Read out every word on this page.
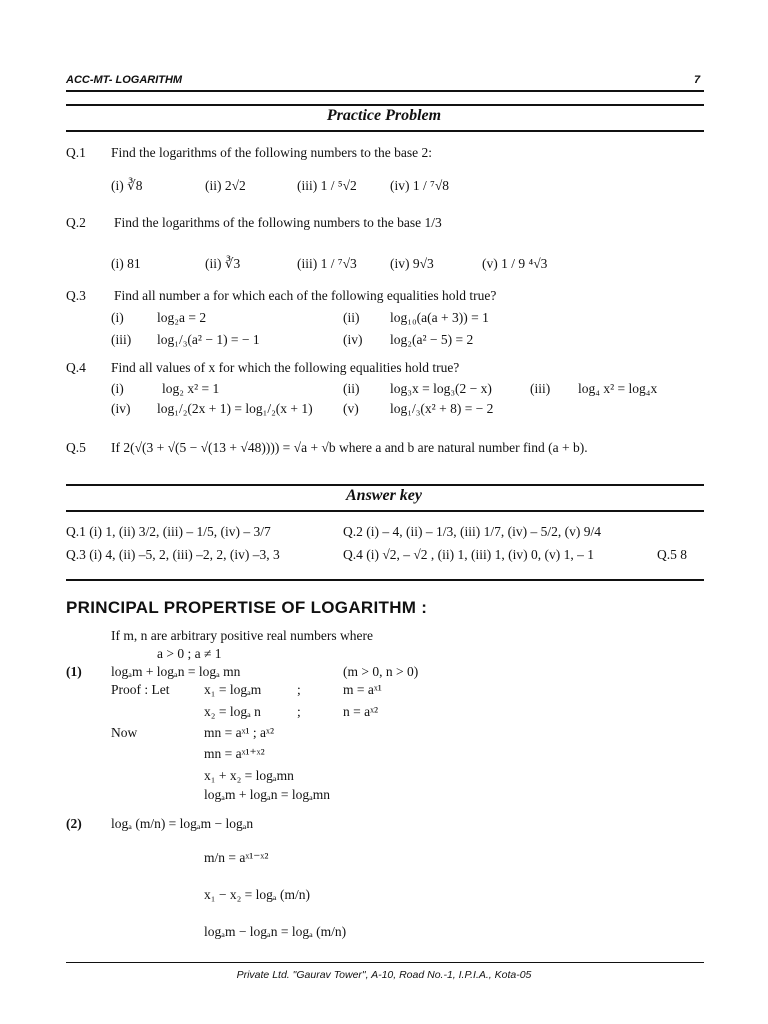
ACC-MT- LOGARITHM	7
Practice Problem
Q.1 Find the logarithms of the following numbers to the base 2:
(i) ∛8	(ii) 2√2	(iii) 1 / ⁵√2 (iv) 1 / ⁷√8
Q.2 Find the logarithms of the following numbers to the base 1/3
(i) 81	(ii) ∛3	(iii) 1 / ⁷√3 (iv) 9√3	(v) 1 / 9 ⁴√3
Q.3 Find all number a for which each of the following equalities hold true?
(i) log₂a = 2	(ii) log₁₀(a(a + 3)) = 1
(iii) log₁/₃(a² − 1) = − 1	(iv) log₂(a² − 5) = 2
Q.4 Find all values of x for which the following equalities hold true?
(i)	log₂ x² = 1	(ii) log₃x = log₃(2 − x)	(iii) log₄ x² = log₄x
(iv) log₁/₂(2x + 1) = log₁/₂(x + 1) (v) log₁/₃(x² + 8) = − 2
Q.5 If 2(√(3 + √(5 − √(13 + √48)))) = √a + √b where a and b are natural number find (a + b).
Answer key
Q.1 (i) 1, (ii) 3/2, (iii) – 1/5, (iv) – 3/7	Q.2 (i) – 4, (ii) – 1/3, (iii) 1/7, (iv) – 5/2, (v) 9/4
Q.3 (i) 4, (ii) –5, 2, (iii) –2, 2, (iv) –3, 3	Q.4 (i) √2, – √2 , (ii) 1, (iii) 1, (iv) 0, (v) 1, – 1	Q.5 8
PRINCIPAL PROPERTISE OF LOGARITHM :
If m, n are arbitrary positive real numbers where
a > 0 ; a ≠ 1
(1) logₐm + logₐn = logₐ mn	(m > 0, n > 0)
Proof : Let	x₁ = logₐm	;	m = aˣ¹
x₂ = logₐ n	;	n = aˣ²
Now	mn = aˣ¹ ; aˣ²
mn = aˣ¹⁺ˣ²
x₁ + x₂ = logₐmn
logₐm + logₐn = logₐmn
(2) logₐ (m/n) = logₐm − logₐn
m/n = aˣ¹⁻ˣ²
x₁ − x₂ = logₐ (m/n)
logₐm − logₐn = logₐ (m/n)
Private Ltd. "Gaurav Tower", A-10, Road No.-1, I.P.I.A., Kota-05
